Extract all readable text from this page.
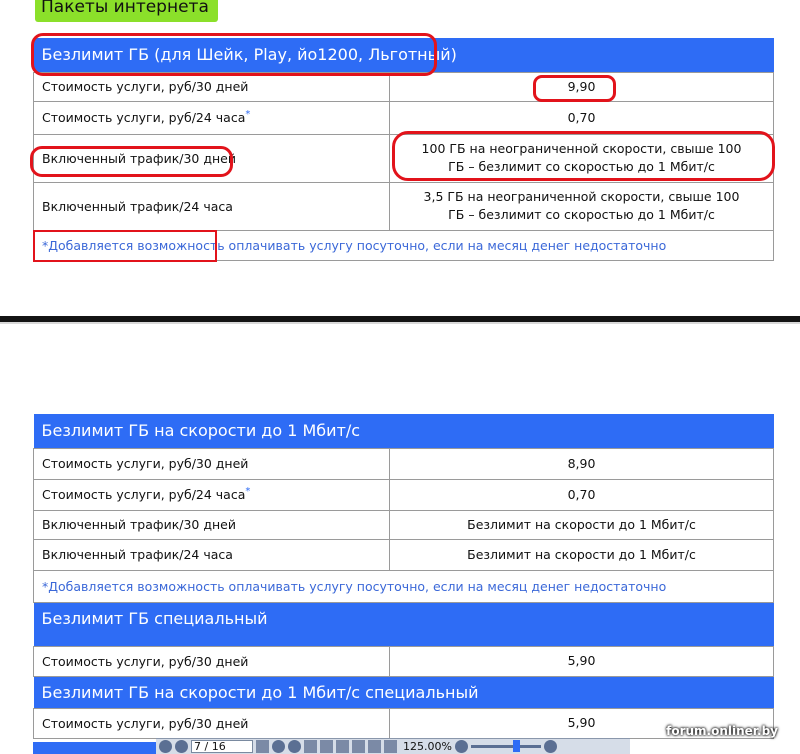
Пакеты интернета
Безлимит ГБ (для Шейк, Play, йо1200, Льготный)	
Стоимость услуги, руб/30 дней	9,90
Стоимость услуги, руб/24 часа*	0,70
Включенный трафик/30 дней	100 ГБ на неограниченной скорости, свыше 100 ГБ – безлимит со скоростью до 1 Мбит/с
Включенный трафик/24 часа	3,5 ГБ на неограниченной скорости, свыше 100 ГБ – безлимит со скоростью до 1 Мбит/с
*Добавляется возможность оплачивать услугу посуточно, если на месяц денег недостаточно	
Безлимит ГБ на скорости до 1 Мбит/с	
Стоимость услуги, руб/30 дней	8,90
Стоимость услуги, руб/24 часа*	0,70
Включенный трафик/30 дней	Безлимит на скорости до 1 Мбит/с
Включенный трафик/24 часа	Безлимит на скорости до 1 Мбит/с
*Добавляется возможность оплачивать услугу посуточно, если на месяц денег недостаточно	
Безлимит ГБ специальный	
Стоимость услуги, руб/30 дней	5,90
Безлимит ГБ на скорости до 1 Мбит/с специальный	
Стоимость услуги, руб/30 дней	5,90
7 / 16	125.00%
forum.onliner.by
